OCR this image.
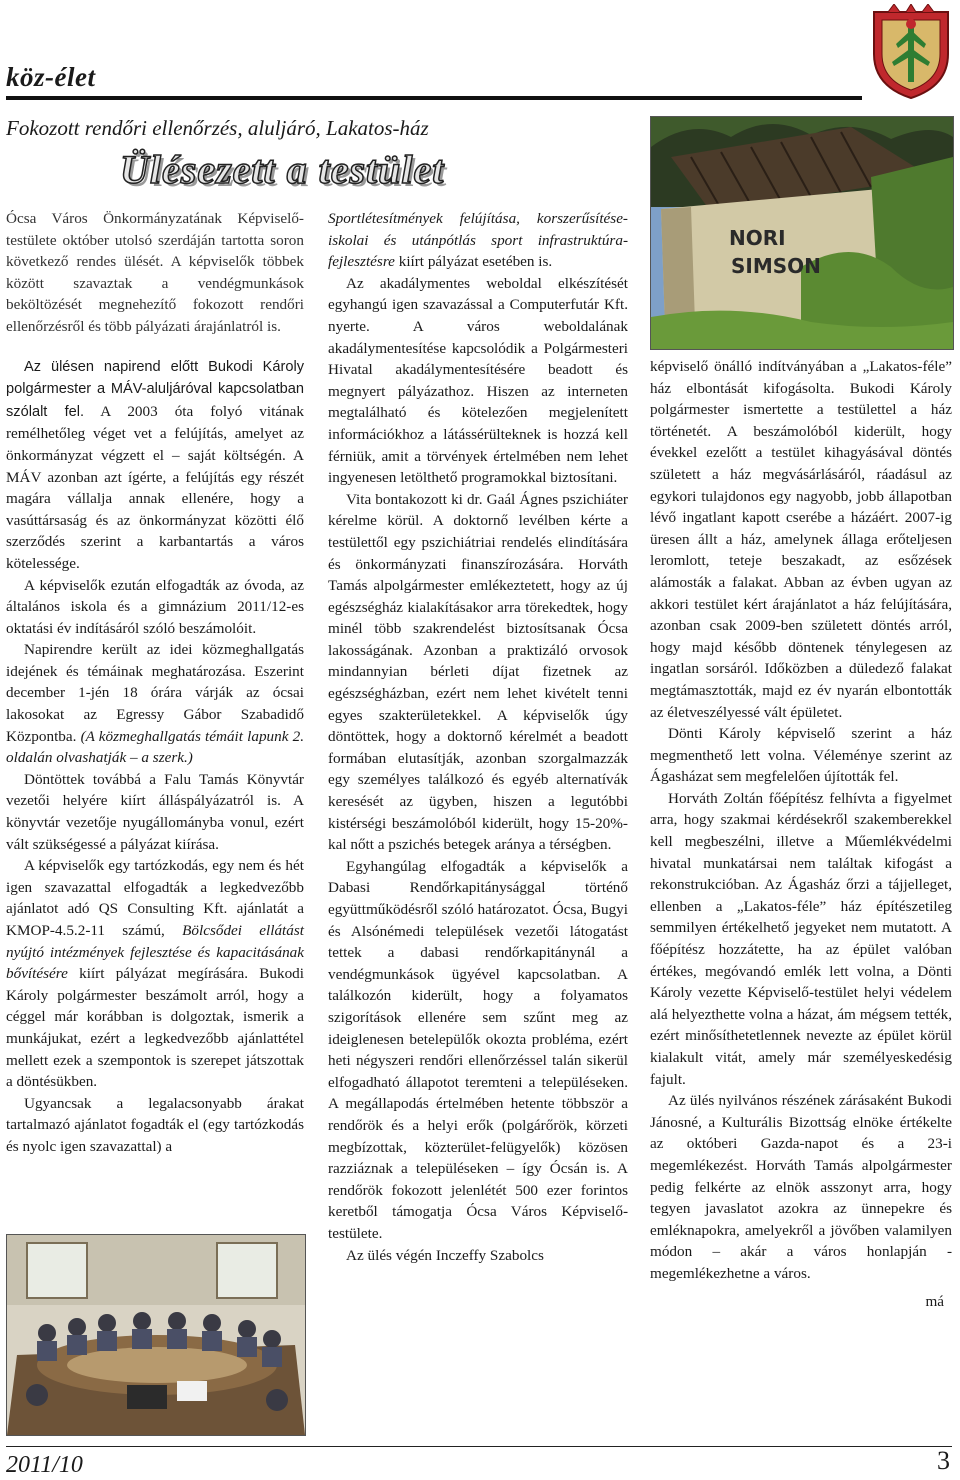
köz-élet
Fokozott rendőri ellenőrzés, aluljáró, Lakatos-ház
Ülésezett a testület
NORI
SIMSON

Ócsa Város Önkormányzatának Képviselő-testülete október utolsó szerdáján tartotta soron következő rendes ülését. A képviselők többek között szavaztak a vendégmunkások beköltözését megnehezítő fokozott rendőri ellenőrzésről és több pályázati árajánlatról is.

Az ülésen napirend előtt Bukodi Károly polgármester a MÁV-aluljáróval kapcsolatban szólalt fel. A 2003 óta folyó vitának remélhetőleg véget vet a felújítás, amelyet az önkormányzat végzett el – saját költségén. A MÁV azonban azt ígérte, a felújítás egy részét magára vállalja annak ellenére, hogy a vasúttársaság és az önkormányzat közötti élő szerződés szerint a karbantartás a város kötelessége.

A képviselők ezután elfogadták az óvoda, az általános iskola és a gimnázium 2011/12-es oktatási év indításáról szóló beszámolóit.

Napirendre került az idei közmeghallgatás idejének és témáinak meghatározása. Eszerint december 1-jén 18 órára várják az ócsai lakosokat az Egressy Gábor Szabadidő Központba. (A közmeghallgatás témáit lapunk 2. oldalán olvashatják – a szerk.)

Döntöttek továbbá a Falu Tamás Könyvtár vezetői helyére kiírt álláspályázatról is. A könyvtár vezetője nyugállományba vonul, ezért vált szükségessé a pályázat kiírása.

A képviselők egy tartózkodás, egy nem és hét igen szavazattal elfogadták a legkedvezőbb ajánlatot adó QS Consulting Kft. ajánlatát a KMOP-4.5.2-11 számú, Bölcsődei ellátást nyújtó intézmények fejlesztése és kapacitásának bővítésére kiírt pályázat megírására. Bukodi Károly polgármester beszámolt arról, hogy a céggel már korábban is dolgoztak, ismerik a munkájukat, ezért a legkedvezőbb ajánlattétel mellett ezek a szempontok is szerepet játszottak a döntésükben.

Ugyancsak a legalacsonyabb árakat tartalmazó ajánlatot fogadták el (egy tartózkodás és nyolc igen szavazattal) a

Sportlétesítmények felújítása, korszerűsítése- iskolai és utánpótlás sport infrastruktúra-fejlesztésre kiírt pályázat esetében is.

Az akadálymentes weboldal elkészítését egyhangú igen szavazással a Computerfutár Kft. nyerte. A város weboldalának akadálymentesítése kapcsolódik a Polgármesteri Hivatal akadálymentesítésére beadott és megnyert pályázathoz. Hiszen az interneten megtalálható és kötelezően megjelenített információkhoz a látássérülteknek is hozzá kell férniük, amit a törvények értelmében nem lehet ingyenesen letölthető programokkal biztosítani.

Vita bontakozott ki dr. Gaál Ágnes pszichiáter kérelme körül. A doktornő levélben kérte a testülettől egy pszichiátriai rendelés elindítására és önkormányzati finanszírozására. Horváth Tamás alpolgármester emlékeztetett, hogy az új egészségház kialakításakor arra törekedtek, hogy minél több szakrendelést biztosítsanak Ócsa lakosságának. Azonban a praktizáló orvosok mindannyian bérleti díjat fizetnek az egészségházban, ezért nem lehet kivételt tenni egyes szakterületekkel. A képviselők úgy döntöttek, hogy a doktornő kérelmét a beadott formában elutasítják, azonban szorgalmazzák egy személyes találkozó és egyéb alternatívák keresését az ügyben, hiszen a legutóbbi kistérségi beszámolóból kiderült, hogy 15-20%-kal nőtt a pszichés betegek aránya a térségben.

Egyhangúlag elfogadták a képviselők a Dabasi Rendőrkapitánysággal történő együttműködésről szóló határozatot. Ócsa, Bugyi és Alsónémedi települések vezetői látogatást tettek a dabasi rendőrkapitánynál a vendégmunkások ügyével kapcsolatban. A találkozón kiderült, hogy a folyamatos szigorítások ellenére sem szűnt meg az ideiglenesen betelepülők okozta probléma, ezért heti négyszeri rendőri ellenőrzéssel talán sikerül elfogadható állapotot teremteni a településeken. A megállapodás értelmében hetente többször a rendőrök és a helyi erők (polgárőrök, körzeti megbízottak, közterület-felügyelők) közösen razziáznak a településeken – így Ócsán is. A rendőrök fokozott jelenlétét 500 ezer forintos keretből támogatja Ócsa Város Képviselő-testülete.

Az ülés végén Inczeffy Szabolcs

képviselő önálló indítványában a „Lakatos-féle” ház elbontását kifogásolta. Bukodi Károly polgármester ismertette a testülettel a ház történetét. A beszámolóból kiderült, hogy évekkel ezelőtt a testület kihagyásával döntés született a ház megvásárlásáról, ráadásul az egykori tulajdonos egy nagyobb, jobb állapotban lévő ingatlant kapott cserébe a házáért. 2007-ig üresen állt a ház, amelynek állaga erőteljesen leromlott, teteje beszakadt, az esőzések alámosták a falakat. Abban az évben ugyan az akkori testület kért árajánlatot a ház felújítására, azonban csak 2009-ben született döntés arról, hogy majd később döntenek ténylegesen az ingatlan sorsáról. Időközben a düledező falakat megtámasztották, majd ez év nyarán elbontották az életveszélyessé vált épületet.

Dönti Károly képviselő szerint a ház megmenthető lett volna. Véleménye szerint az Ágasházat sem megfelelően újították fel.

Horváth Zoltán főépítész felhívta a figyelmet arra, hogy szakmai kérdésekről szakemberekkel kell megbeszélni, illetve a Műemlékvédelmi hivatal munkatársai nem találtak kifogást a rekonstrukcióban. Az Ágasház őrzi a tájjelleget, ellenben a „Lakatos-féle” ház építészetileg semmilyen értékelhető jegyeket nem mutatott. A főépítész hozzátette, ha az épület valóban értékes, megóvandó emlék lett volna, a Dönti Károly vezette Képviselő-testület helyi védelem alá helyezthette volna a házat, ám mégsem tették, ezért minősíthetetlennek nevezte az épület körül kialakult vitát, amely már személyeskedésig fajult.

Az ülés nyilvános részének zárásaként Bukodi Jánosné, a Kulturális Bizottság elnöke értékelte az októberi Gazda-napot és a 23-i megemlékezést. Horváth Tamás alpolgármester pedig felkérte az elnök asszonyt arra, hogy tegyen javaslatot azokra az ünnepekre és emléknapokra, amelyekről a jövőben valamilyen módon – akár a város honlapján - megemlékezhetne a város.

má
2011/10	3
